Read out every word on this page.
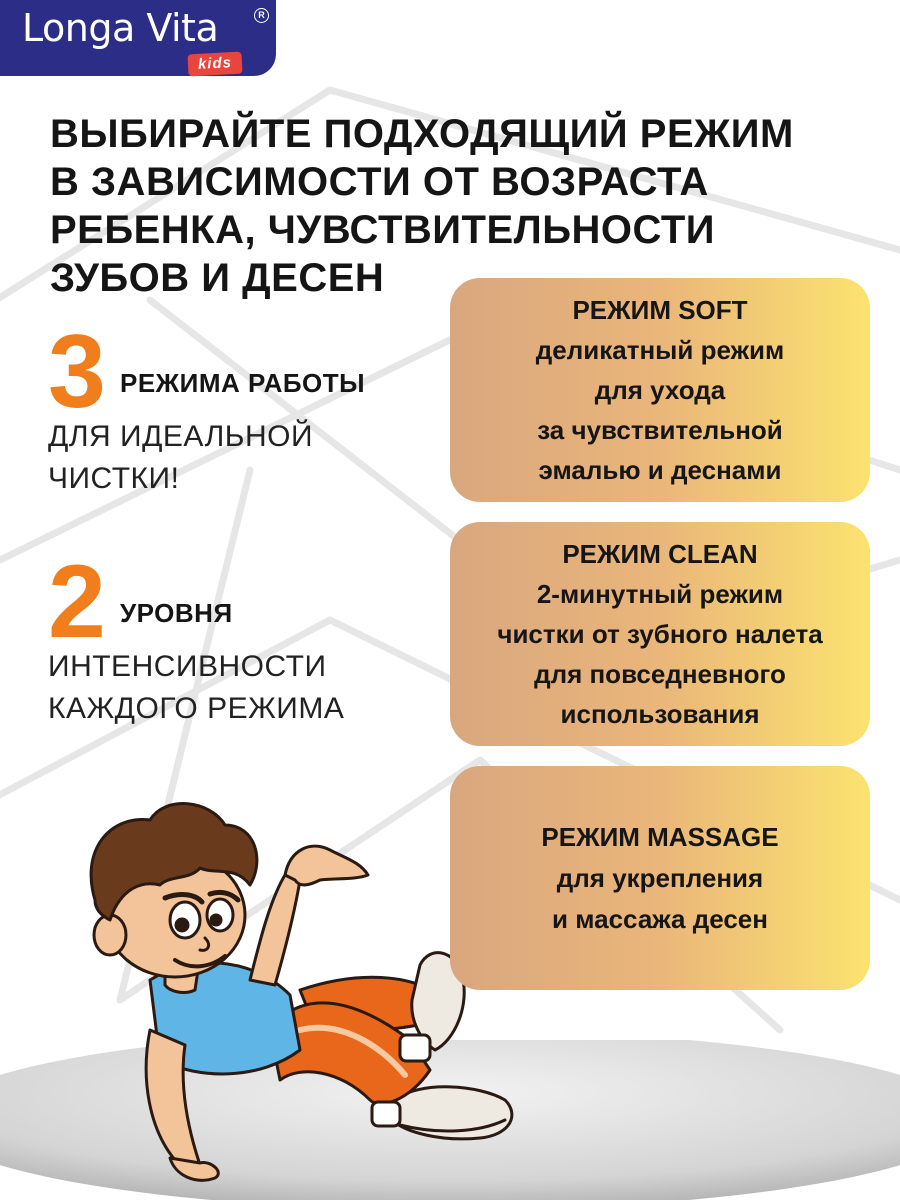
Longa Vita	R
kids
ВЫБИРАЙТЕ ПОДХОДЯЩИЙ РЕЖИМ
В ЗАВИСИМОСТИ ОТ ВОЗРАСТА
РЕБЕНКА, ЧУВСТВИТЕЛЬНОСТИ
ЗУБОВ И ДЕСЕН
3 РЕЖИМА РАБОТЫ
ДЛЯ ИДЕАЛЬНОЙ
ЧИСТКИ!
2 УРОВНЯ
ИНТЕНСИВНОСТИ
КАЖДОГО РЕЖИМА
РЕЖИМ SOFT
деликатный режим
для ухода
за чувствительной
эмалью и деснами
РЕЖИМ CLEAN
2-минутный режим
чистки от зубного налета
для повседневного
использования
РЕЖИМ MASSAGE
для укрепления
и массажа десен
